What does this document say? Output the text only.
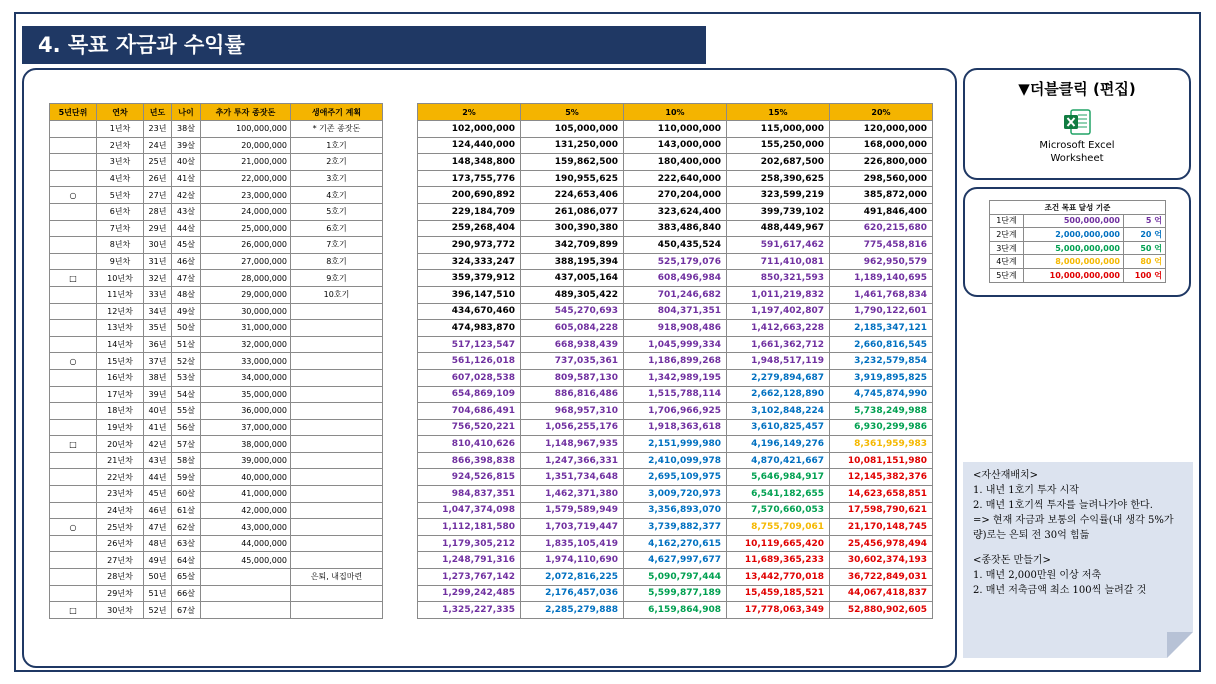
4. 목표 자금과 수익률
5년단위	연차	년도	나이	추가 투자 종잣돈	생애주기 계획
	1년차	23년	38살	100,000,000	* 기존 종잣돈
	2년차	24년	39살	20,000,000	1호기
	3년차	25년	40살	21,000,000	2호기
	4년차	26년	41살	22,000,000	3호기
○	5년차	27년	42살	23,000,000	4호기
	6년차	28년	43살	24,000,000	5호기
	7년차	29년	44살	25,000,000	6호기
	8년차	30년	45살	26,000,000	7호기
	9년차	31년	46살	27,000,000	8호기
□	10년차	32년	47살	28,000,000	9호기
	11년차	33년	48살	29,000,000	10호기
	12년차	34년	49살	30,000,000	
	13년차	35년	50살	31,000,000	
	14년차	36년	51살	32,000,000	
○	15년차	37년	52살	33,000,000	
	16년차	38년	53살	34,000,000	
	17년차	39년	54살	35,000,000	
	18년차	40년	55살	36,000,000	
	19년차	41년	56살	37,000,000	
□	20년차	42년	57살	38,000,000	
	21년차	43년	58살	39,000,000	
	22년차	44년	59살	40,000,000	
	23년차	45년	60살	41,000,000	
	24년차	46년	61살	42,000,000	
○	25년차	47년	62살	43,000,000	
	26년차	48년	63살	44,000,000	
	27년차	49년	64살	45,000,000	
	28년차	50년	65살		은퇴, 내집마련
	29년차	51년	66살		
□	30년차	52년	67살		
2%	5%	10%	15%	20%
102,000,000	105,000,000	110,000,000	115,000,000	120,000,000
124,440,000	131,250,000	143,000,000	155,250,000	168,000,000
148,348,800	159,862,500	180,400,000	202,687,500	226,800,000
173,755,776	190,955,625	222,640,000	258,390,625	298,560,000
200,690,892	224,653,406	270,204,000	323,599,219	385,872,000
229,184,709	261,086,077	323,624,400	399,739,102	491,846,400
259,268,404	300,390,380	383,486,840	488,449,967	620,215,680
290,973,772	342,709,899	450,435,524	591,617,462	775,458,816
324,333,247	388,195,394	525,179,076	711,410,081	962,950,579
359,379,912	437,005,164	608,496,984	850,321,593	1,189,140,695
396,147,510	489,305,422	701,246,682	1,011,219,832	1,461,768,834
434,670,460	545,270,693	804,371,351	1,197,402,807	1,790,122,601
474,983,870	605,084,228	918,908,486	1,412,663,228	2,185,347,121
517,123,547	668,938,439	1,045,999,334	1,661,362,712	2,660,816,545
561,126,018	737,035,361	1,186,899,268	1,948,517,119	3,232,579,854
607,028,538	809,587,130	1,342,989,195	2,279,894,687	3,919,895,825
654,869,109	886,816,486	1,515,788,114	2,662,128,890	4,745,874,990
704,686,491	968,957,310	1,706,966,925	3,102,848,224	5,738,249,988
756,520,221	1,056,255,176	1,918,363,618	3,610,825,457	6,930,299,986
810,410,626	1,148,967,935	2,151,999,980	4,196,149,276	8,361,959,983
866,398,838	1,247,366,331	2,410,099,978	4,870,421,667	10,081,151,980
924,526,815	1,351,734,648	2,695,109,975	5,646,984,917	12,145,382,376
984,837,351	1,462,371,380	3,009,720,973	6,541,182,655	14,623,658,851
1,047,374,098	1,579,589,949	3,356,893,070	7,570,660,053	17,598,790,621
1,112,181,580	1,703,719,447	3,739,882,377	8,755,709,061	21,170,148,745
1,179,305,212	1,835,105,419	4,162,270,615	10,119,665,420	25,456,978,494
1,248,791,316	1,974,110,690	4,627,997,677	11,689,365,233	30,602,374,193
1,273,767,142	2,072,816,225	5,090,797,444	13,442,770,018	36,722,849,031
1,299,242,485	2,176,457,036	5,599,877,189	15,459,185,521	44,067,418,837
1,325,227,335	2,285,279,888	6,159,864,908	17,778,063,349	52,880,902,605
▼더블클릭 (편집)
Microsoft Excel
Worksheet
조건 목표 달성 기준		
1단계	500,000,000	5 억
2단계	2,000,000,000	20 억
3단계	5,000,000,000	50 억
4단계	8,000,000,000	80 억
5단계	10,000,000,000	100 억
<자산재배치>
1. 내년 1호기 투자 시작
2. 매년 1호기씩 투자를 늘려나가야 한다.
=> 현재 자금과 보통의 수익률(내 생각 5%가 량)로는 은퇴 전 30억 힘듦
<종잣돈 만들기>
1. 매년 2,000만원 이상 저축
2. 매년 저축금액 최소 100씩 늘려갈 것
